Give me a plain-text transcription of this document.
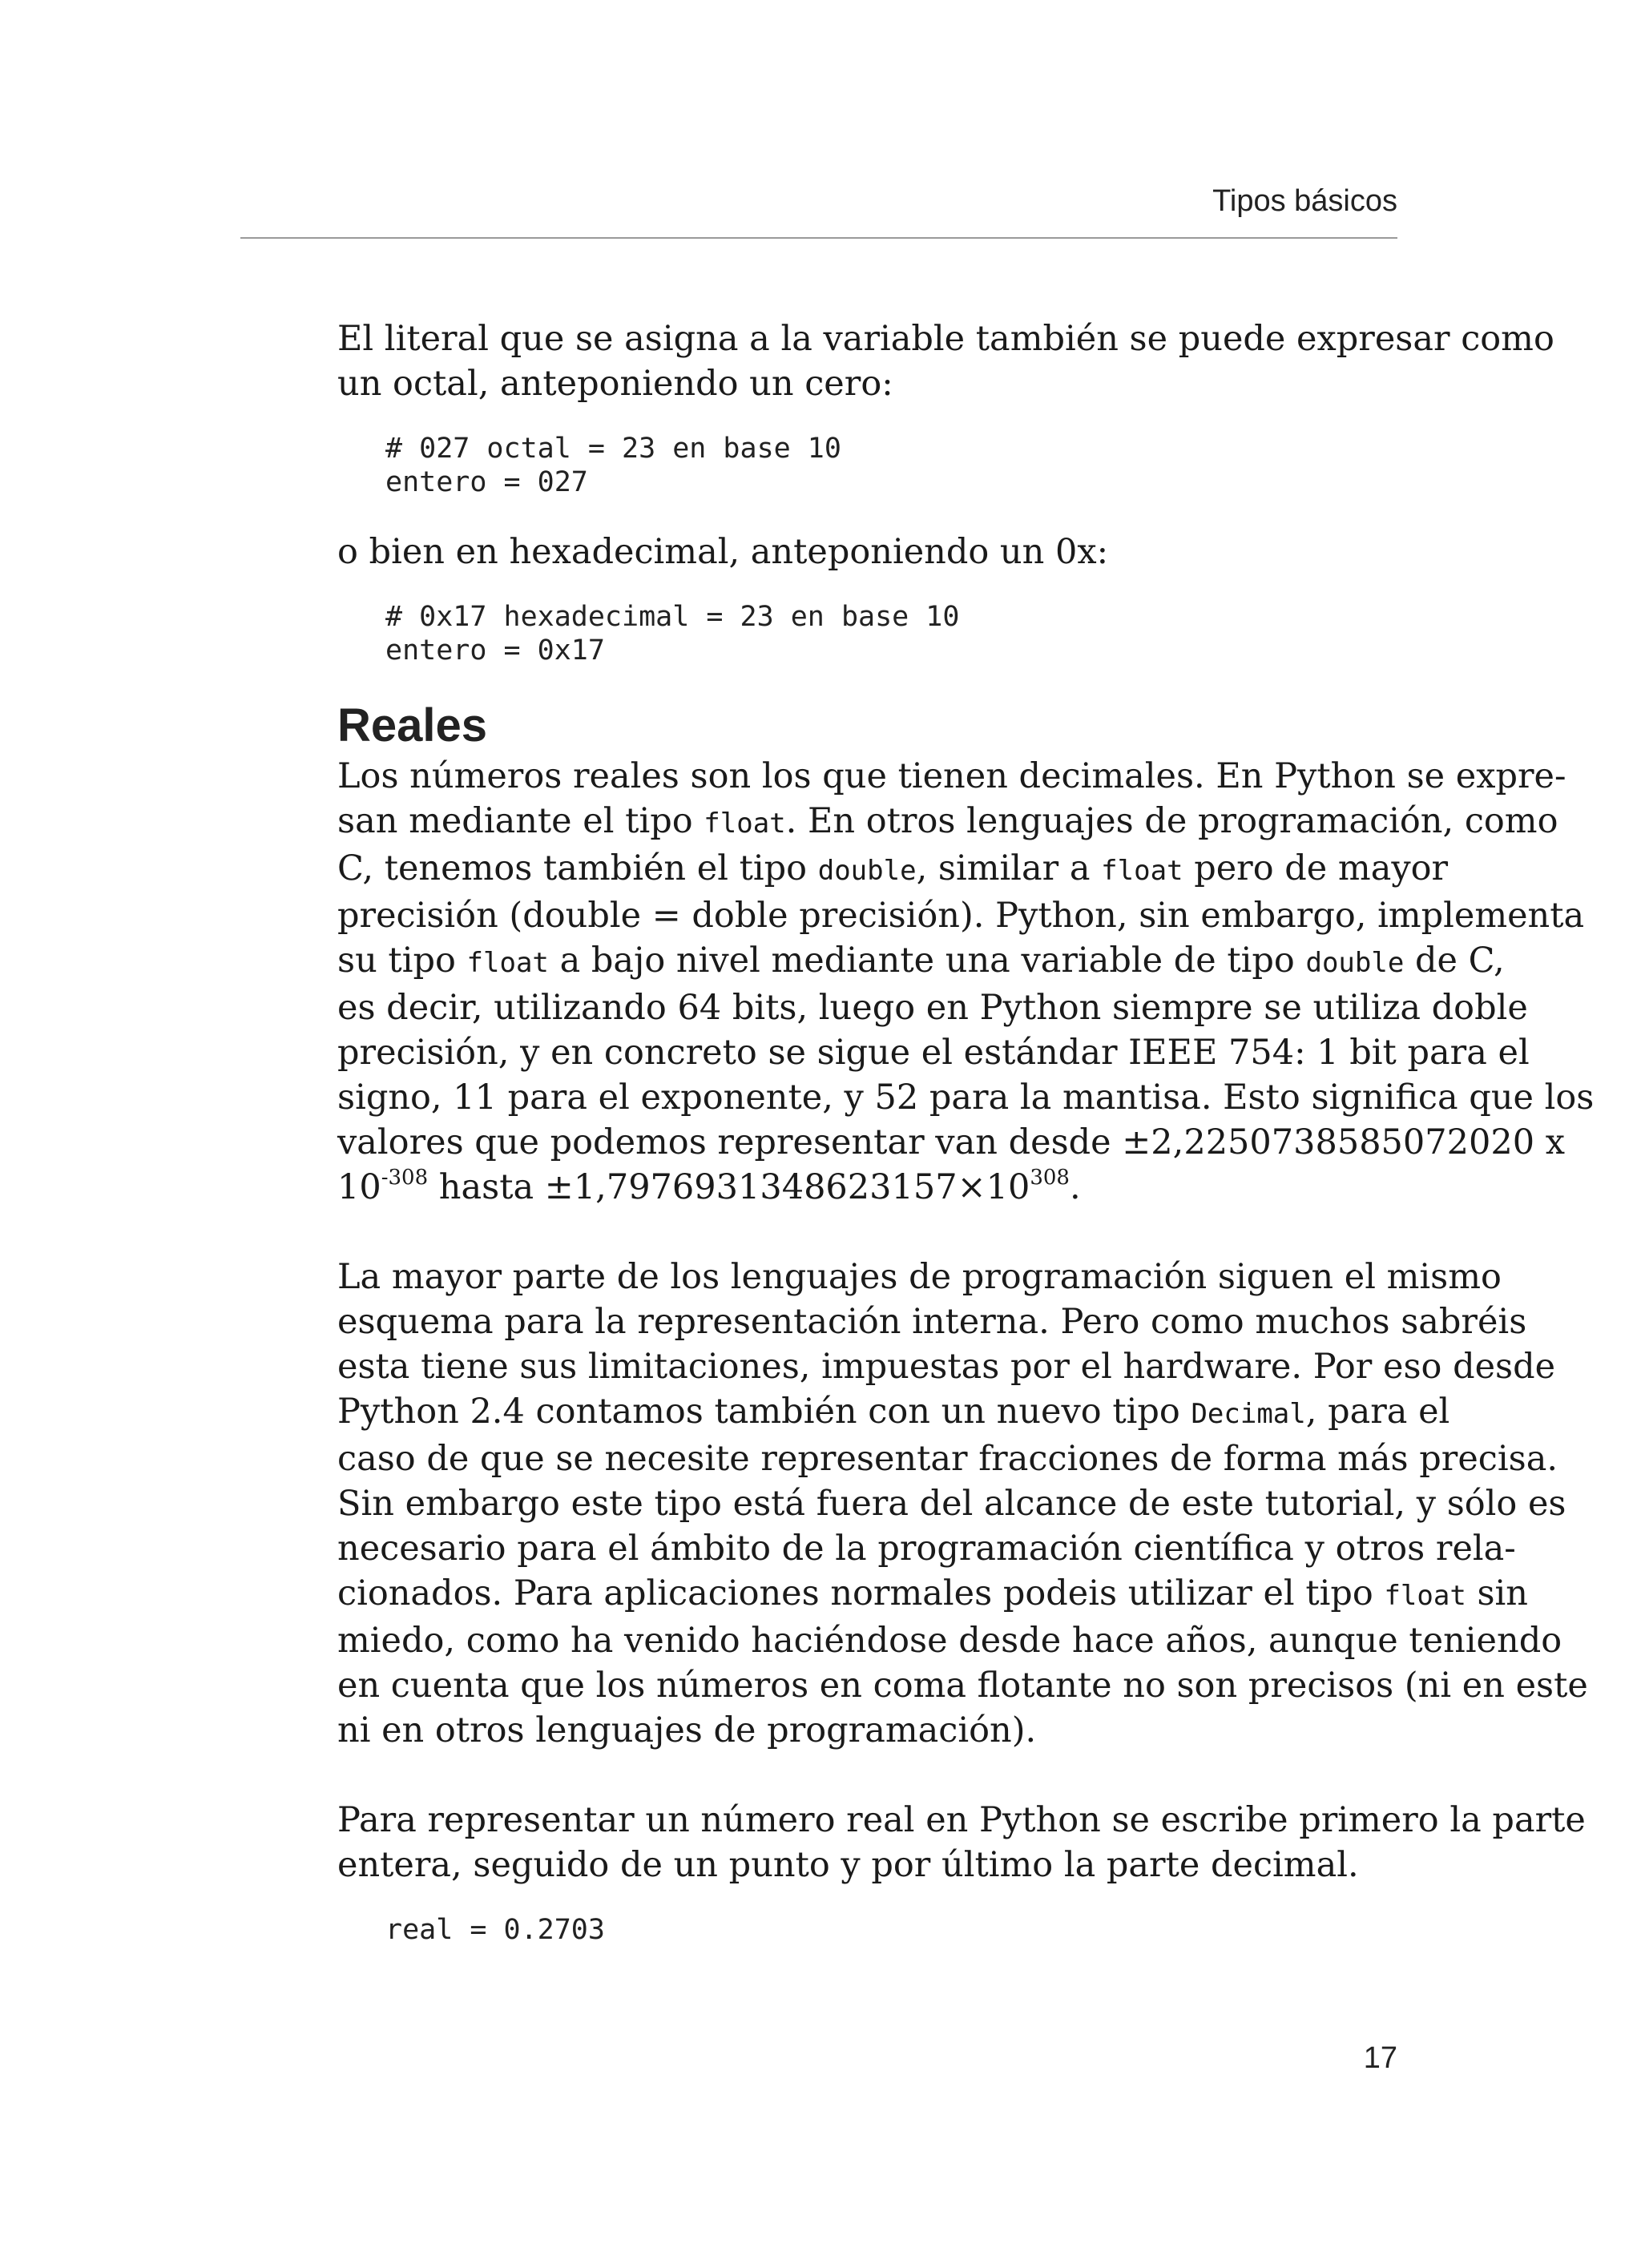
Tipos básicos

El literal que se asigna a la variable también se puede expresar como
un octal, anteponiendo un cero:

# 027 octal = 23 en base 10
entero = 027

o bien en hexadecimal, anteponiendo un 0x:

# 0x17 hexadecimal = 23 en base 10
entero = 0x17
Reales

Los números reales son los que tienen decimales. En Python se expre-
san mediante el tipo float. En otros lenguajes de programación, como
C, tenemos también el tipo double, similar a float pero de mayor
precisión (double = doble precisión). Python, sin embargo, implementa
su tipo float a bajo nivel mediante una variable de tipo double de C,
es decir, utilizando 64 bits, luego en Python siempre se utiliza doble
precisión, y en concreto se sigue el estándar IEEE 754: 1 bit para el
signo, 11 para el exponente, y 52 para la mantisa. Esto significa que los
valores que podemos representar van desde ±2,2250738585072020 x
$10^{-308}$ hasta $\pm 1,7976931348623157\times 10^{308}$.

La mayor parte de los lenguajes de programación siguen el mismo
esquema para la representación interna. Pero como muchos sabréis
esta tiene sus limitaciones, impuestas por el hardware. Por eso desde
Python 2.4 contamos también con un nuevo tipo Decimal, para el
caso de que se necesite representar fracciones de forma más precisa.
Sin embargo este tipo está fuera del alcance de este tutorial, y sólo es
necesario para el ámbito de la programación científica y otros rela-
cionados. Para aplicaciones normales podeis utilizar el tipo float sin
miedo, como ha venido haciéndose desde hace años, aunque teniendo
en cuenta que los números en coma flotante no son precisos (ni en este
ni en otros lenguajes de programación).

Para representar un número real en Python se escribe primero la parte
entera, seguido de un punto y por último la parte decimal.

real = 0.2703
17
